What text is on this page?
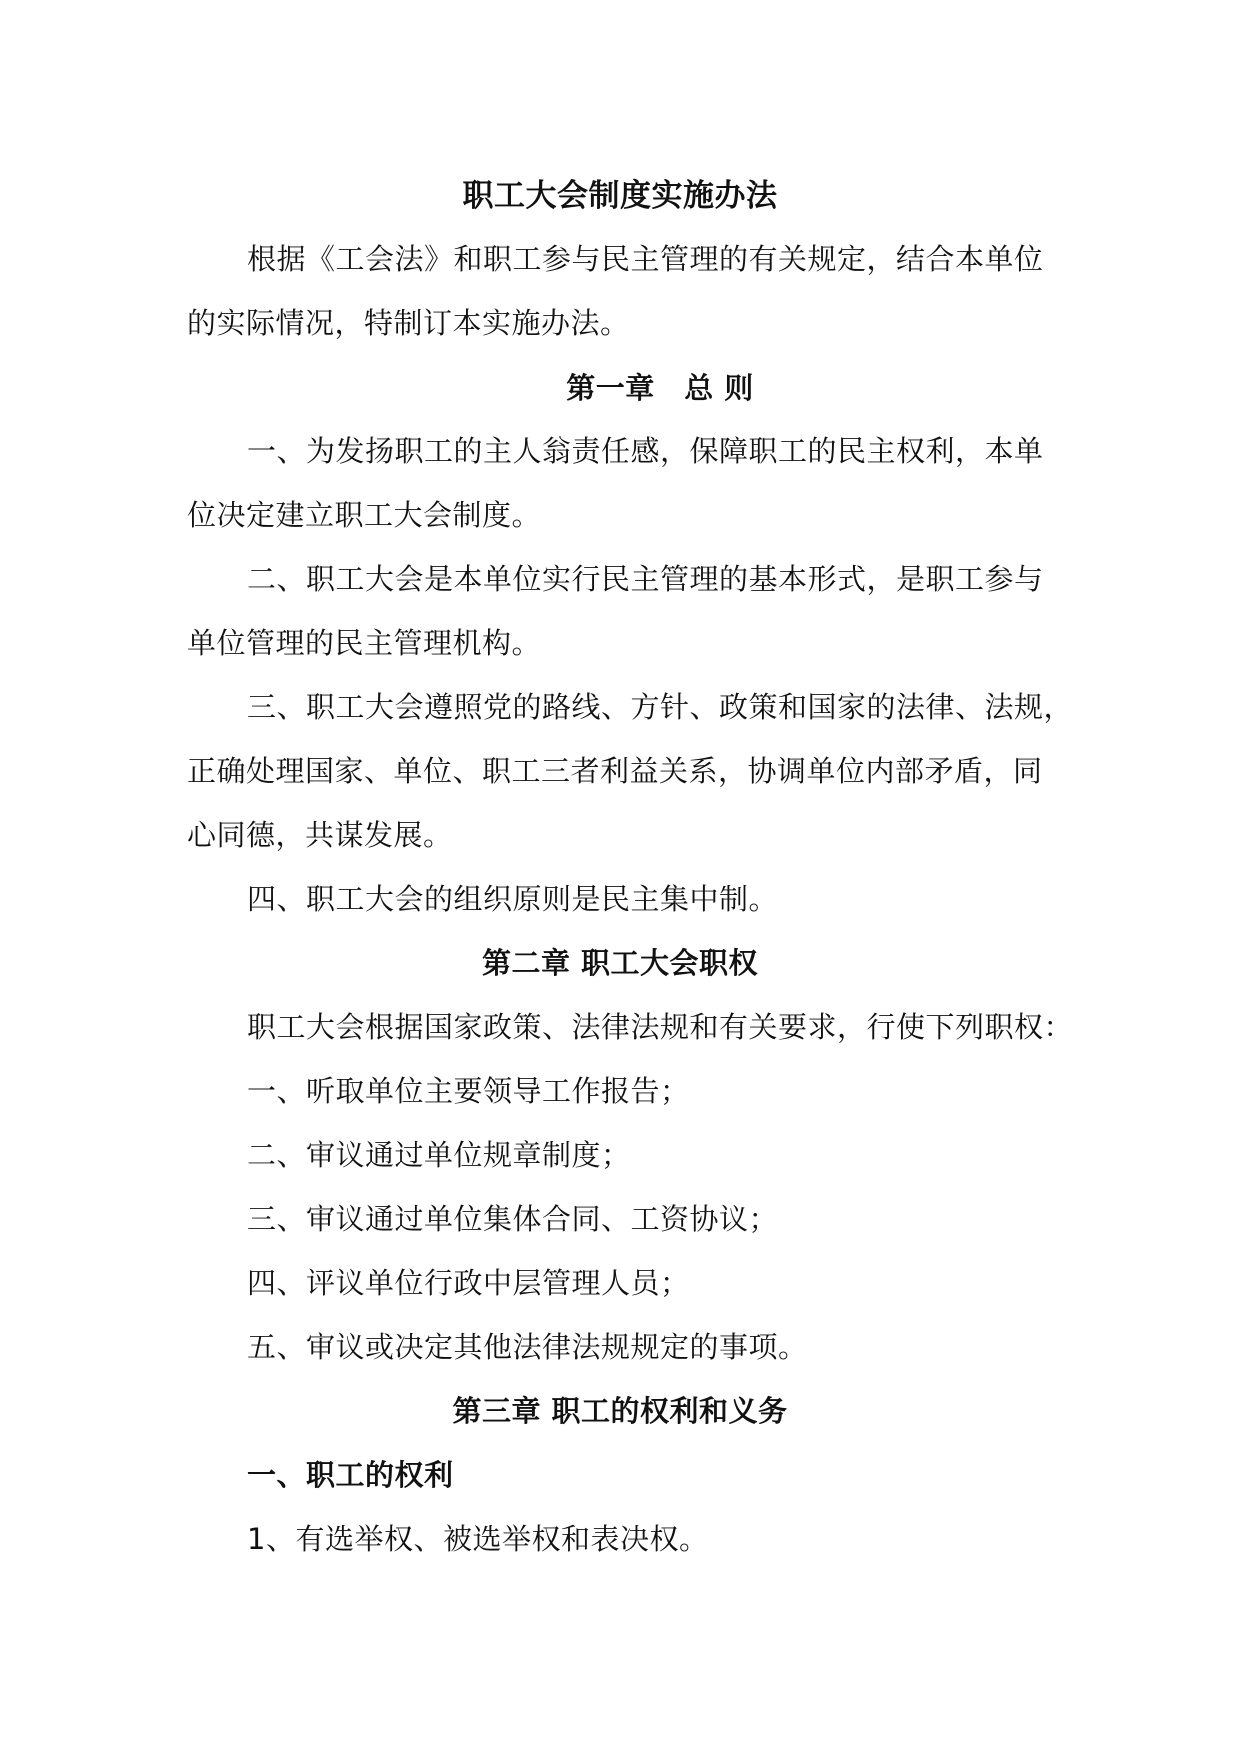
职工大会制度实施办法
根据《工会法》和职工参与民主管理的有关规定，结合本单位
的实际情况，特制订本实施办法。
第一章　总 则
一、为发扬职工的主人翁责任感，保障职工的民主权利，本单
位决定建立职工大会制度。
二、职工大会是本单位实行民主管理的基本形式，是职工参与
单位管理的民主管理机构。
三、职工大会遵照党的路线、方针、政策和国家的法律、法规，
正确处理国家、单位、职工三者利益关系，协调单位内部矛盾，同
心同德，共谋发展。
四、职工大会的组织原则是民主集中制。
第二章 职工大会职权
职工大会根据国家政策、法律法规和有关要求，行使下列职权：
一、听取单位主要领导工作报告；
二、审议通过单位规章制度；
三、审议通过单位集体合同、工资协议；
四、评议单位行政中层管理人员；
五、审议或决定其他法律法规规定的事项。
第三章 职工的权利和义务
一、职工的权利
1、有选举权、被选举权和表决权。
